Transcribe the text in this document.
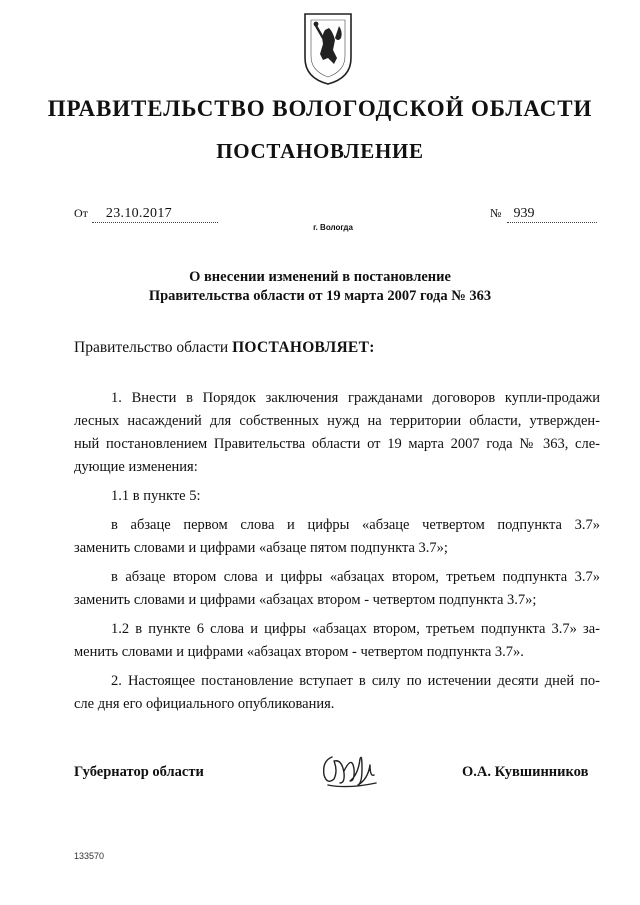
ПРАВИТЕЛЬСТВО ВОЛОГОДСКОЙ ОБЛАСТИ
ПОСТАНОВЛЕНИЕ
От 23.10.2017	№ 939
г. Вологда
О внесении изменений в постановление
Правительства области от 19 марта 2007 года № 363
Правительство области ПОСТАНОВЛЯЕТ:

1. Внести в Порядок заключения гражданами договоров купли-продажи

лесных насаждений для собственных нужд на территории области, утвержден-

ный постановлением Правительства области от 19 марта 2007 года № 363, сле-

дующие изменения:

1.1 в пункте 5:

в абзаце первом слова и цифры «абзаце четвертом подпункта 3.7»

заменить словами и цифрами «абзаце пятом подпункта 3.7»;

в абзаце втором слова и цифры «абзацах втором, третьем подпункта 3.7»

заменить словами и цифрами «абзацах втором - четвертом подпункта 3.7»;

1.2 в пункте 6 слова и цифры «абзацах втором, третьем подпункта 3.7» за-

менить словами и цифрами «абзацах втором - четвертом подпункта 3.7».

2. Настоящее постановление вступает в силу по истечении десяти дней по-

сле дня его официального опубликования.

Губернатор области	О.А. Кувшинников
133570
